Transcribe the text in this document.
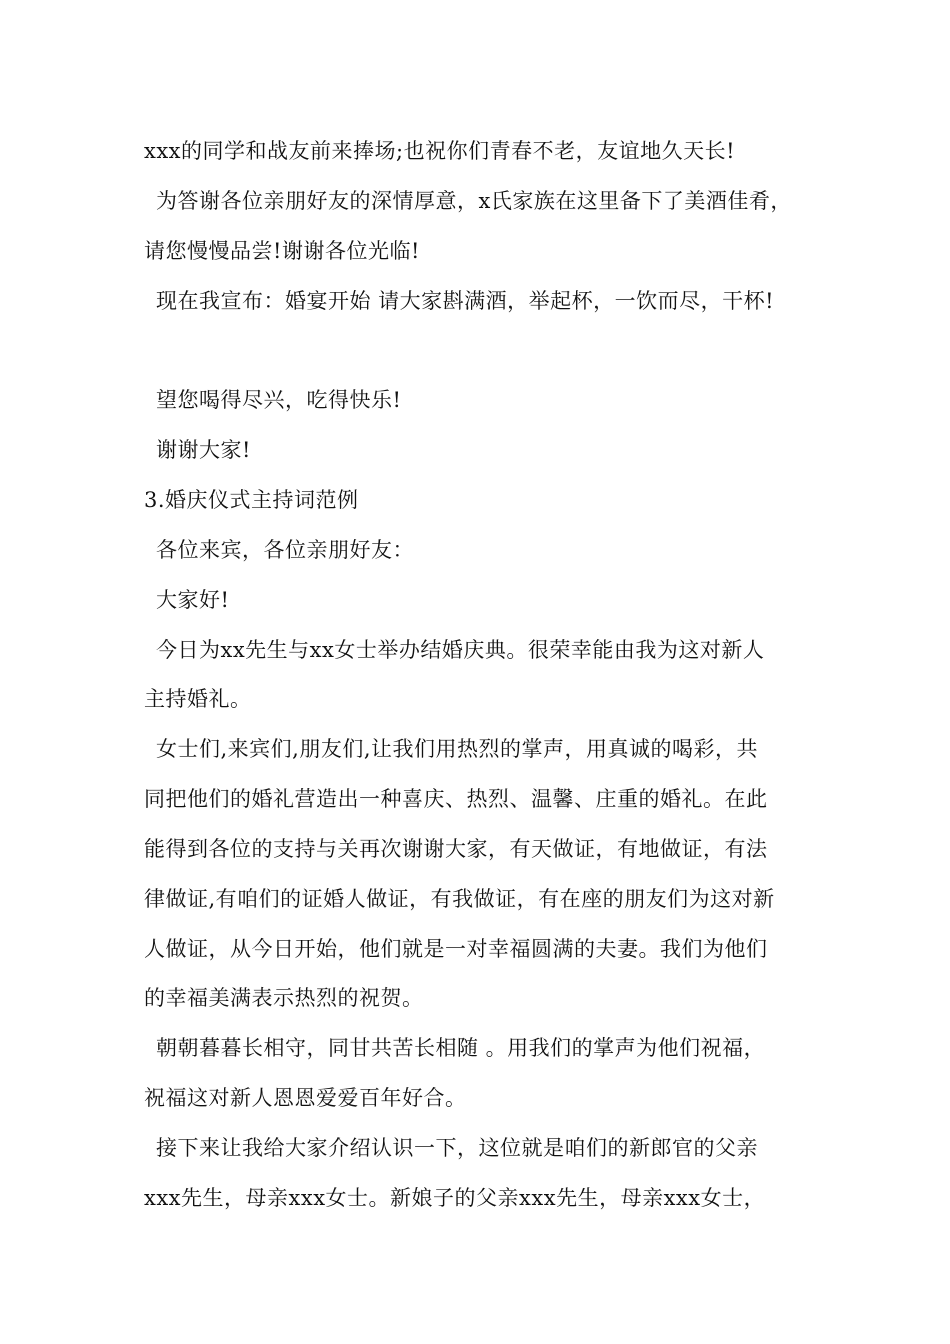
xxx的同学和战友前来捧场;也祝你们青春不老，友谊地久天长!
为答谢各位亲朋好友的深情厚意，x氏家族在这里备下了美酒佳肴，
请您慢慢品尝!谢谢各位光临!
现在我宣布：婚宴开始 请大家斟满酒，举起杯，一饮而尽，干杯!
望您喝得尽兴，吃得快乐!
谢谢大家!
3.婚庆仪式主持词范例
各位来宾，各位亲朋好友：
大家好!
今日为xx先生与xx女士举办结婚庆典。很荣幸能由我为这对新人
主持婚礼。
女士们,来宾们,朋友们,让我们用热烈的掌声，用真诚的喝彩，共
同把他们的婚礼营造出一种喜庆、热烈、温馨、庄重的婚礼。在此
能得到各位的支持与关再次谢谢大家，有天做证，有地做证，有法
律做证,有咱们的证婚人做证，有我做证，有在座的朋友们为这对新
人做证，从今日开始，他们就是一对幸福圆满的夫妻。我们为他们
的幸福美满表示热烈的祝贺。
朝朝暮暮长相守，同甘共苦长相随 。用我们的掌声为他们祝福，
祝福这对新人恩恩爱爱百年好合。
接下来让我给大家介绍认识一下，这位就是咱们的新郎官的父亲
xxx先生，母亲xxx女士。新娘子的父亲xxx先生，母亲xxx女士，
